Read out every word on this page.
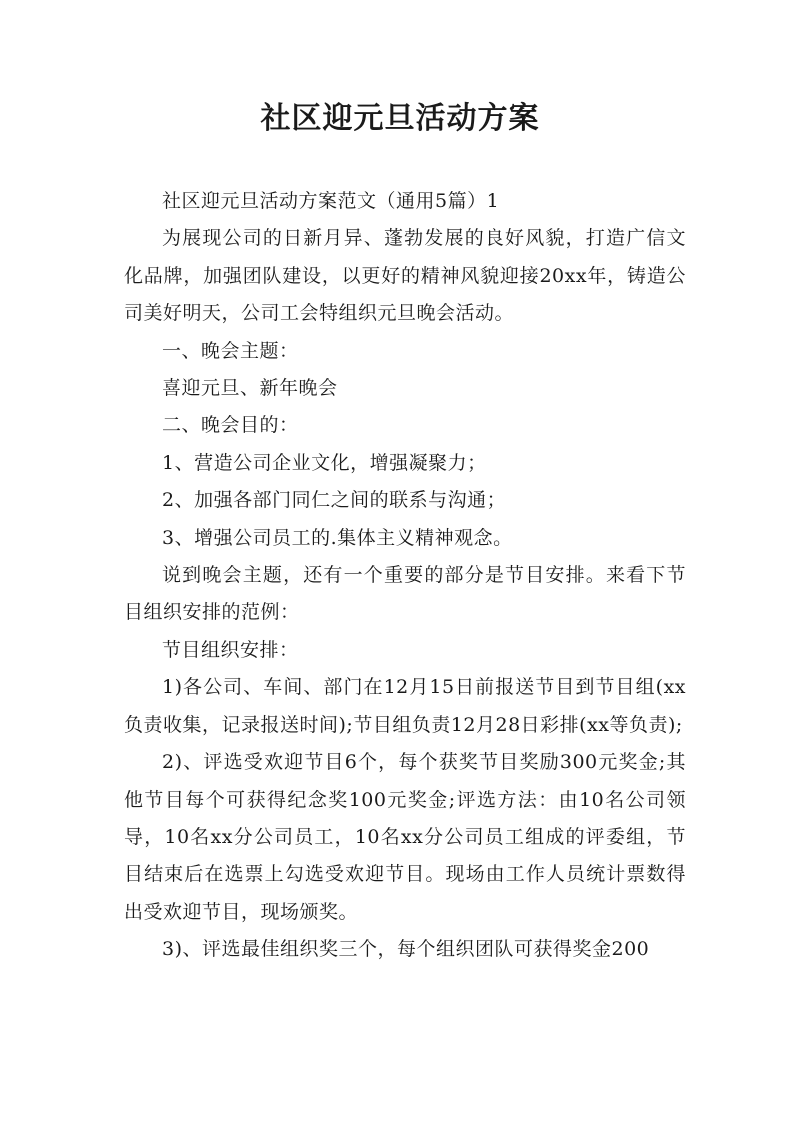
社区迎元旦活动方案

社区迎元旦活动方案范文（通用5篇）1

为展现公司的日新月异、蓬勃发展的良好风貌，打造广信文化品牌，加强团队建设，以更好的精神风貌迎接20xx年，铸造公司美好明天，公司工会特组织元旦晚会活动。

一、晚会主题：

喜迎元旦、新年晚会

二、晚会目的：

1、营造公司企业文化，增强凝聚力；

2、加强各部门同仁之间的联系与沟通；

3、增强公司员工的.集体主义精神观念。

说到晚会主题，还有一个重要的部分是节目安排。来看下节目组织安排的范例：

节目组织安排：

1)各公司、车间、部门在12月15日前报送节目到节目组(xx负责收集，记录报送时间);节目组负责12月28日彩排(xx等负责);

2)、评选受欢迎节目6个，每个获奖节目奖励300元奖金;其他节目每个可获得纪念奖100元奖金;评选方法：由10名公司领导，10名xx分公司员工，10名xx分公司员工组成的评委组，节目结束后在选票上勾选受欢迎节目。现场由工作人员统计票数得出受欢迎节目，现场颁奖。

3)、评选最佳组织奖三个，每个组织团队可获得奖金200
